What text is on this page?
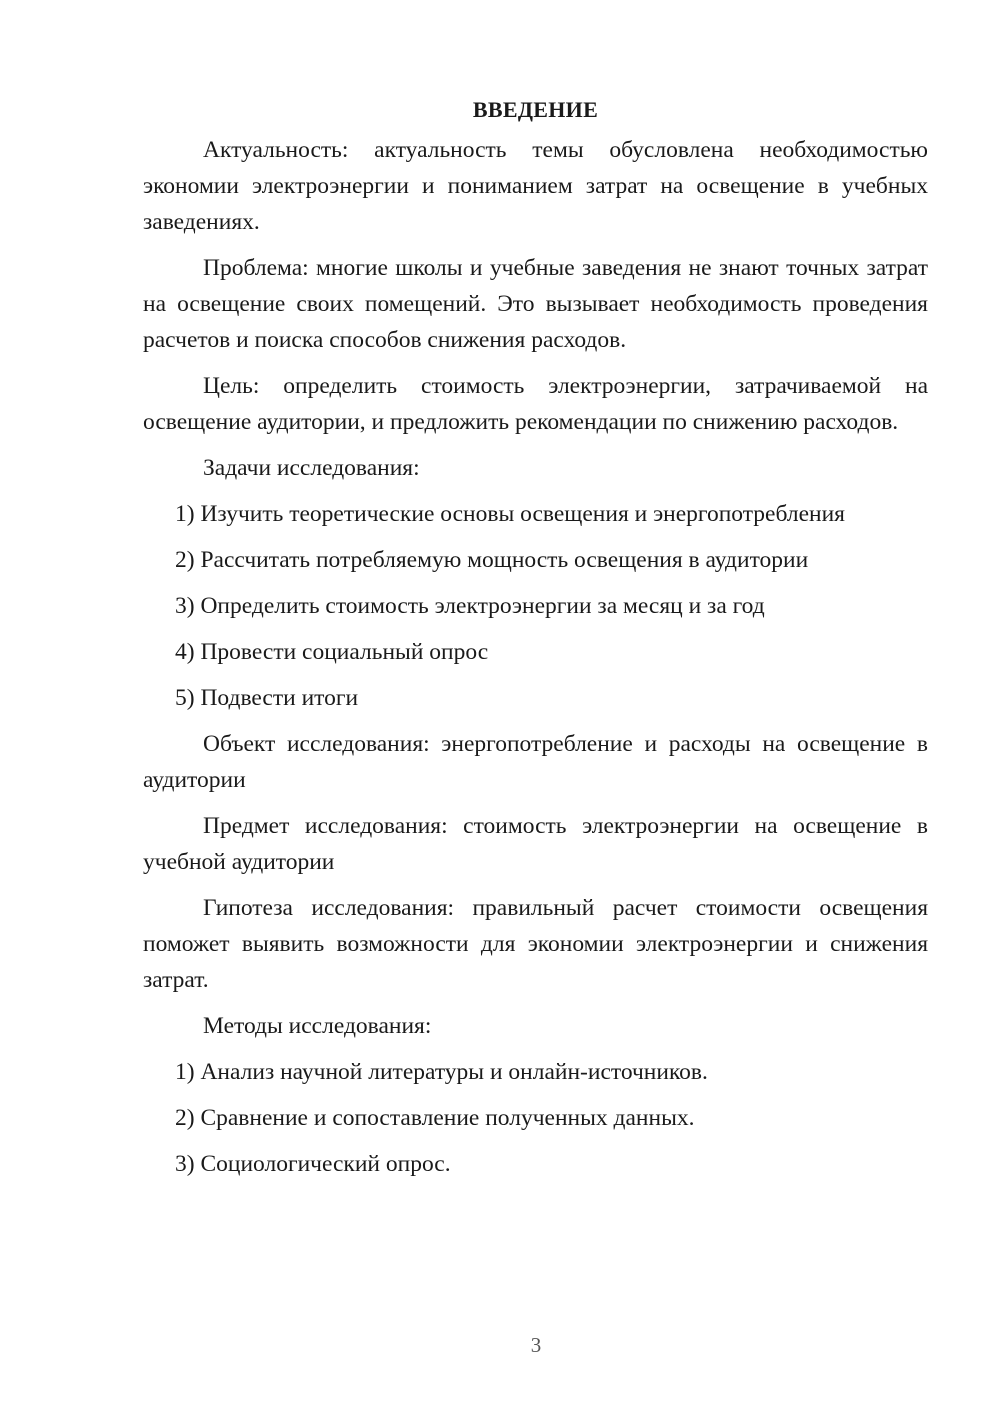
ВВЕДЕНИЕ

Актуальность: актуальность темы обусловлена необходимостью экономии электроэнергии и пониманием затрат на освещение в учебных заведениях.

Проблема: многие школы и учебные заведения не знают точных затрат на освещение своих помещений. Это вызывает необходимость проведения расчетов и поиска способов снижения расходов.

Цель: определить стоимость электроэнергии, затрачиваемой на освещение аудитории, и предложить рекомендации по снижению расходов.

Задачи исследования:

1) Изучить теоретические основы освещения и энергопотребления
2) Рассчитать потребляемую мощность освещения в аудитории
3) Определить стоимость электроэнергии за месяц и за год
4) Провести социальный опрос
5) Подвести итоги

Объект исследования: энергопотребление и расходы на освещение в аудитории

Предмет исследования: стоимость электроэнергии на освещение в учебной аудитории

Гипотеза исследования: правильный расчет стоимости освещения поможет выявить возможности для экономии электроэнергии и снижения затрат.

Методы исследования:

1) Анализ научной литературы и онлайн-источников.
2) Сравнение и сопоставление полученных данных.
3) Социологический опрос.
3
